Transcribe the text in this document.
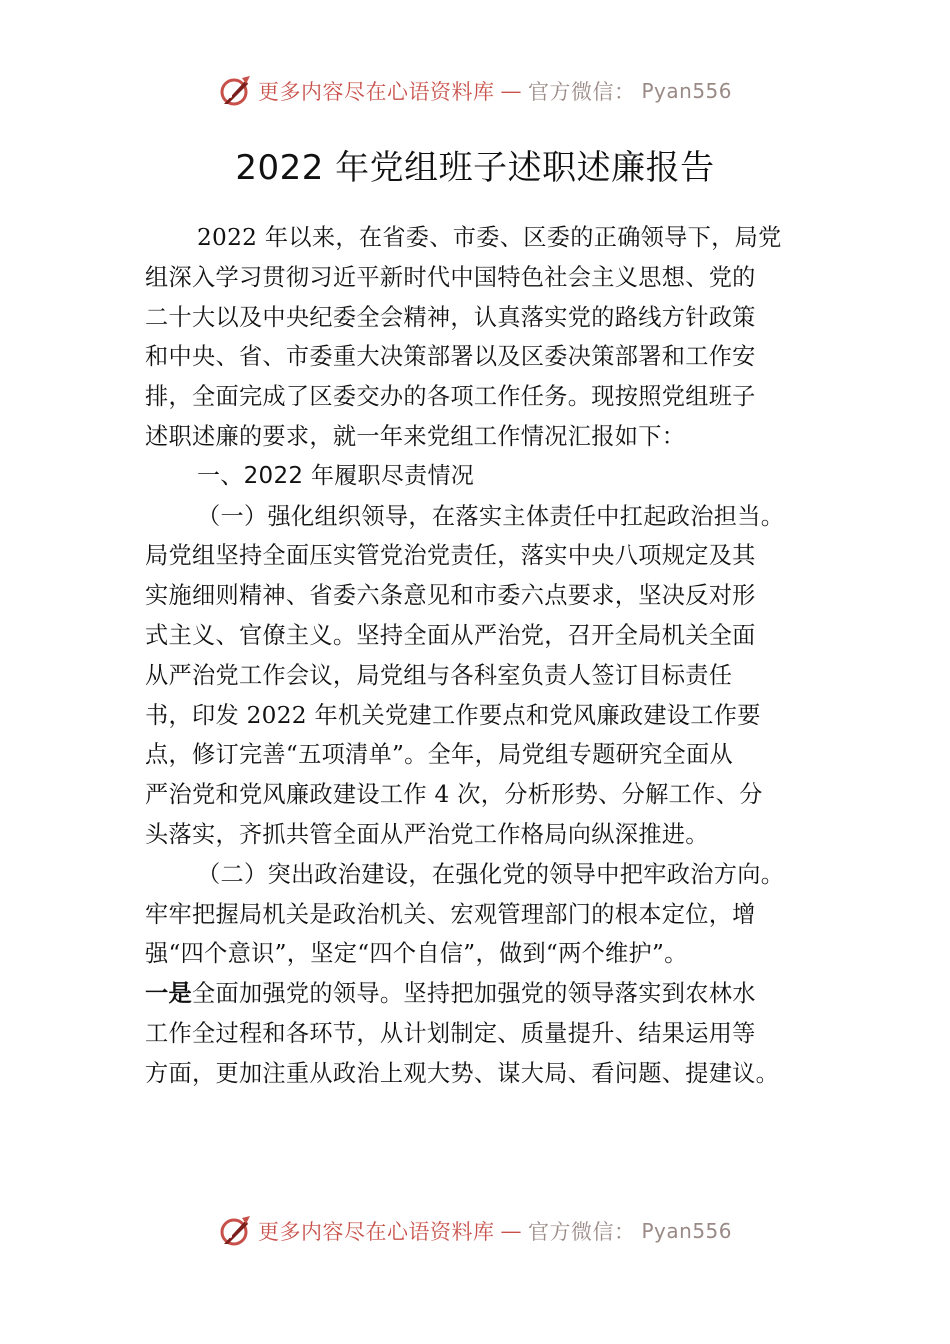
更多内容尽在心语资料库 — 官方微信： Pyan556
2022 年党组班子述职述廉报告
2022 年以来，在省委、市委、区委的正确领导下，局党
组深入学习贯彻习近平新时代中国特色社会主义思想、党的
二十大以及中央纪委全会精神，认真落实党的路线方针政策
和中央、省、市委重大决策部署以及区委决策部署和工作安
排，全面完成了区委交办的各项工作任务。现按照党组班子
述职述廉的要求，就一年来党组工作情况汇报如下：
一、2022 年履职尽责情况
（一）强化组织领导，在落实主体责任中扛起政治担当。
局党组坚持全面压实管党治党责任，落实中央八项规定及其
实施细则精神、省委六条意见和市委六点要求，坚决反对形
式主义、官僚主义。坚持全面从严治党，召开全局机关全面
从严治党工作会议，局党组与各科室负责人签订目标责任
书，印发 2022 年机关党建工作要点和党风廉政建设工作要
点，修订完善“五项清单”。全年，局党组专题研究全面从
严治党和党风廉政建设工作 4 次，分析形势、分解工作、分
头落实，齐抓共管全面从严治党工作格局向纵深推进。
（二）突出政治建设，在强化党的领导中把牢政治方向。
牢牢把握局机关是政治机关、宏观管理部门的根本定位，增
强“四个意识”，坚定“四个自信”，做到“两个维护”。
一是全面加强党的领导。坚持把加强党的领导落实到农林水
工作全过程和各环节，从计划制定、质量提升、结果运用等
方面，更加注重从政治上观大势、谋大局、看问题、提建议。
更多内容尽在心语资料库 — 官方微信： Pyan556
